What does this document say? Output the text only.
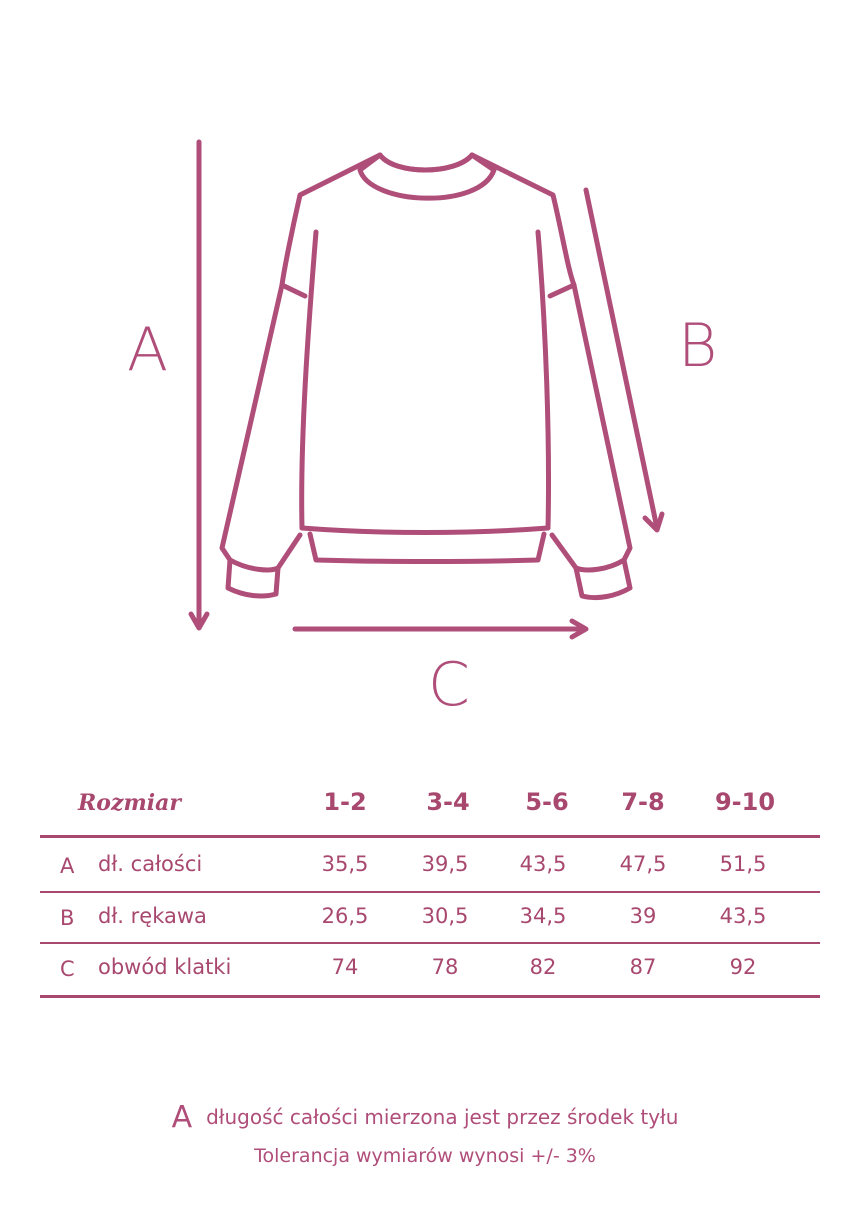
A	B
C
Rozmiar	1-2	3-4	5-6	7-8	9-10
A dł. całości	35,5	39,5	43,5	47,5	51,5
B dł. rękawa	26,5	30,5	34,5	39	43,5
C obwód klatki	74	78	82	87	92
Adługość całości mierzona jest przez środek tyłu
Tolerancja wymiarów wynosi +/- 3%
